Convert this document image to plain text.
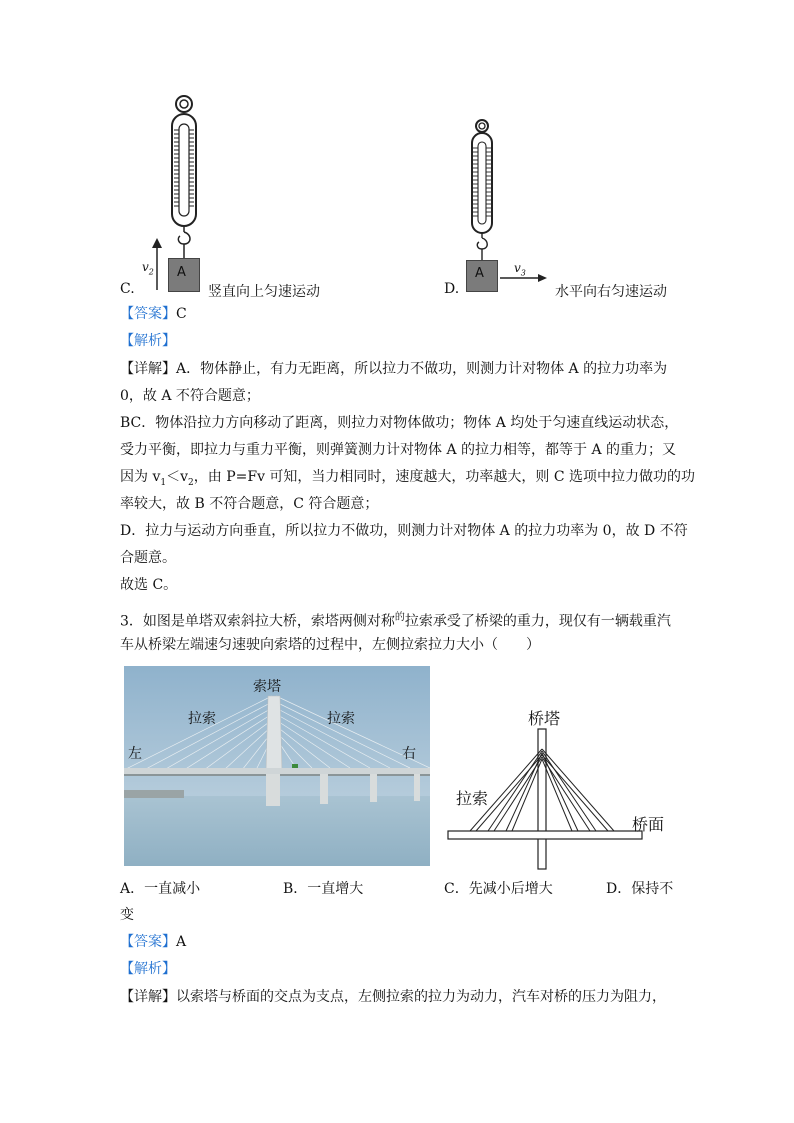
A
$v_2$
C.	竖直向上匀速运动
A	$v_3$
D.	水平向右匀速运动
【答案】C
【解析】
【详解】A．物体静止，有力无距离，所以拉力不做功，则测力计对物体 A 的拉力功率为
0，故 A 不符合题意；
BC．物体沿拉力方向移动了距离，则拉力对物体做功；物体 A 均处于匀速直线运动状态，
受力平衡，即拉力与重力平衡，则弹簧测力计对物体 A 的拉力相等，都等于 A 的重力；又
因为 $v_1<v_2$，由 P=Fv 可知，当力相同时，速度越大，功率越大，则 C 选项中拉力做功的功
率较大，故 B 不符合题意，C 符合题意；
D．拉力与运动方向垂直，所以拉力不做功，则测力计对物体 A 的拉力功率为 0，故 D 不符
合题意。
故选 C。
3．如图是单塔双索斜拉大桥，索塔两侧对称$^的$拉索承受了桥梁的重力，现仅有一辆载重汽
车从桥梁左端速匀速驶向索塔的过程中，左侧拉索拉力大小（　　）
索塔
拉索	拉索
左	右
桥塔
拉索
桥面
A．一直减小	B．一直增大	C．先减小后增大	D．保持不
变
【答案】A
【解析】
【详解】以索塔与桥面的交点为支点，左侧拉索的拉力为动力，汽车对桥的压力为阻力，
